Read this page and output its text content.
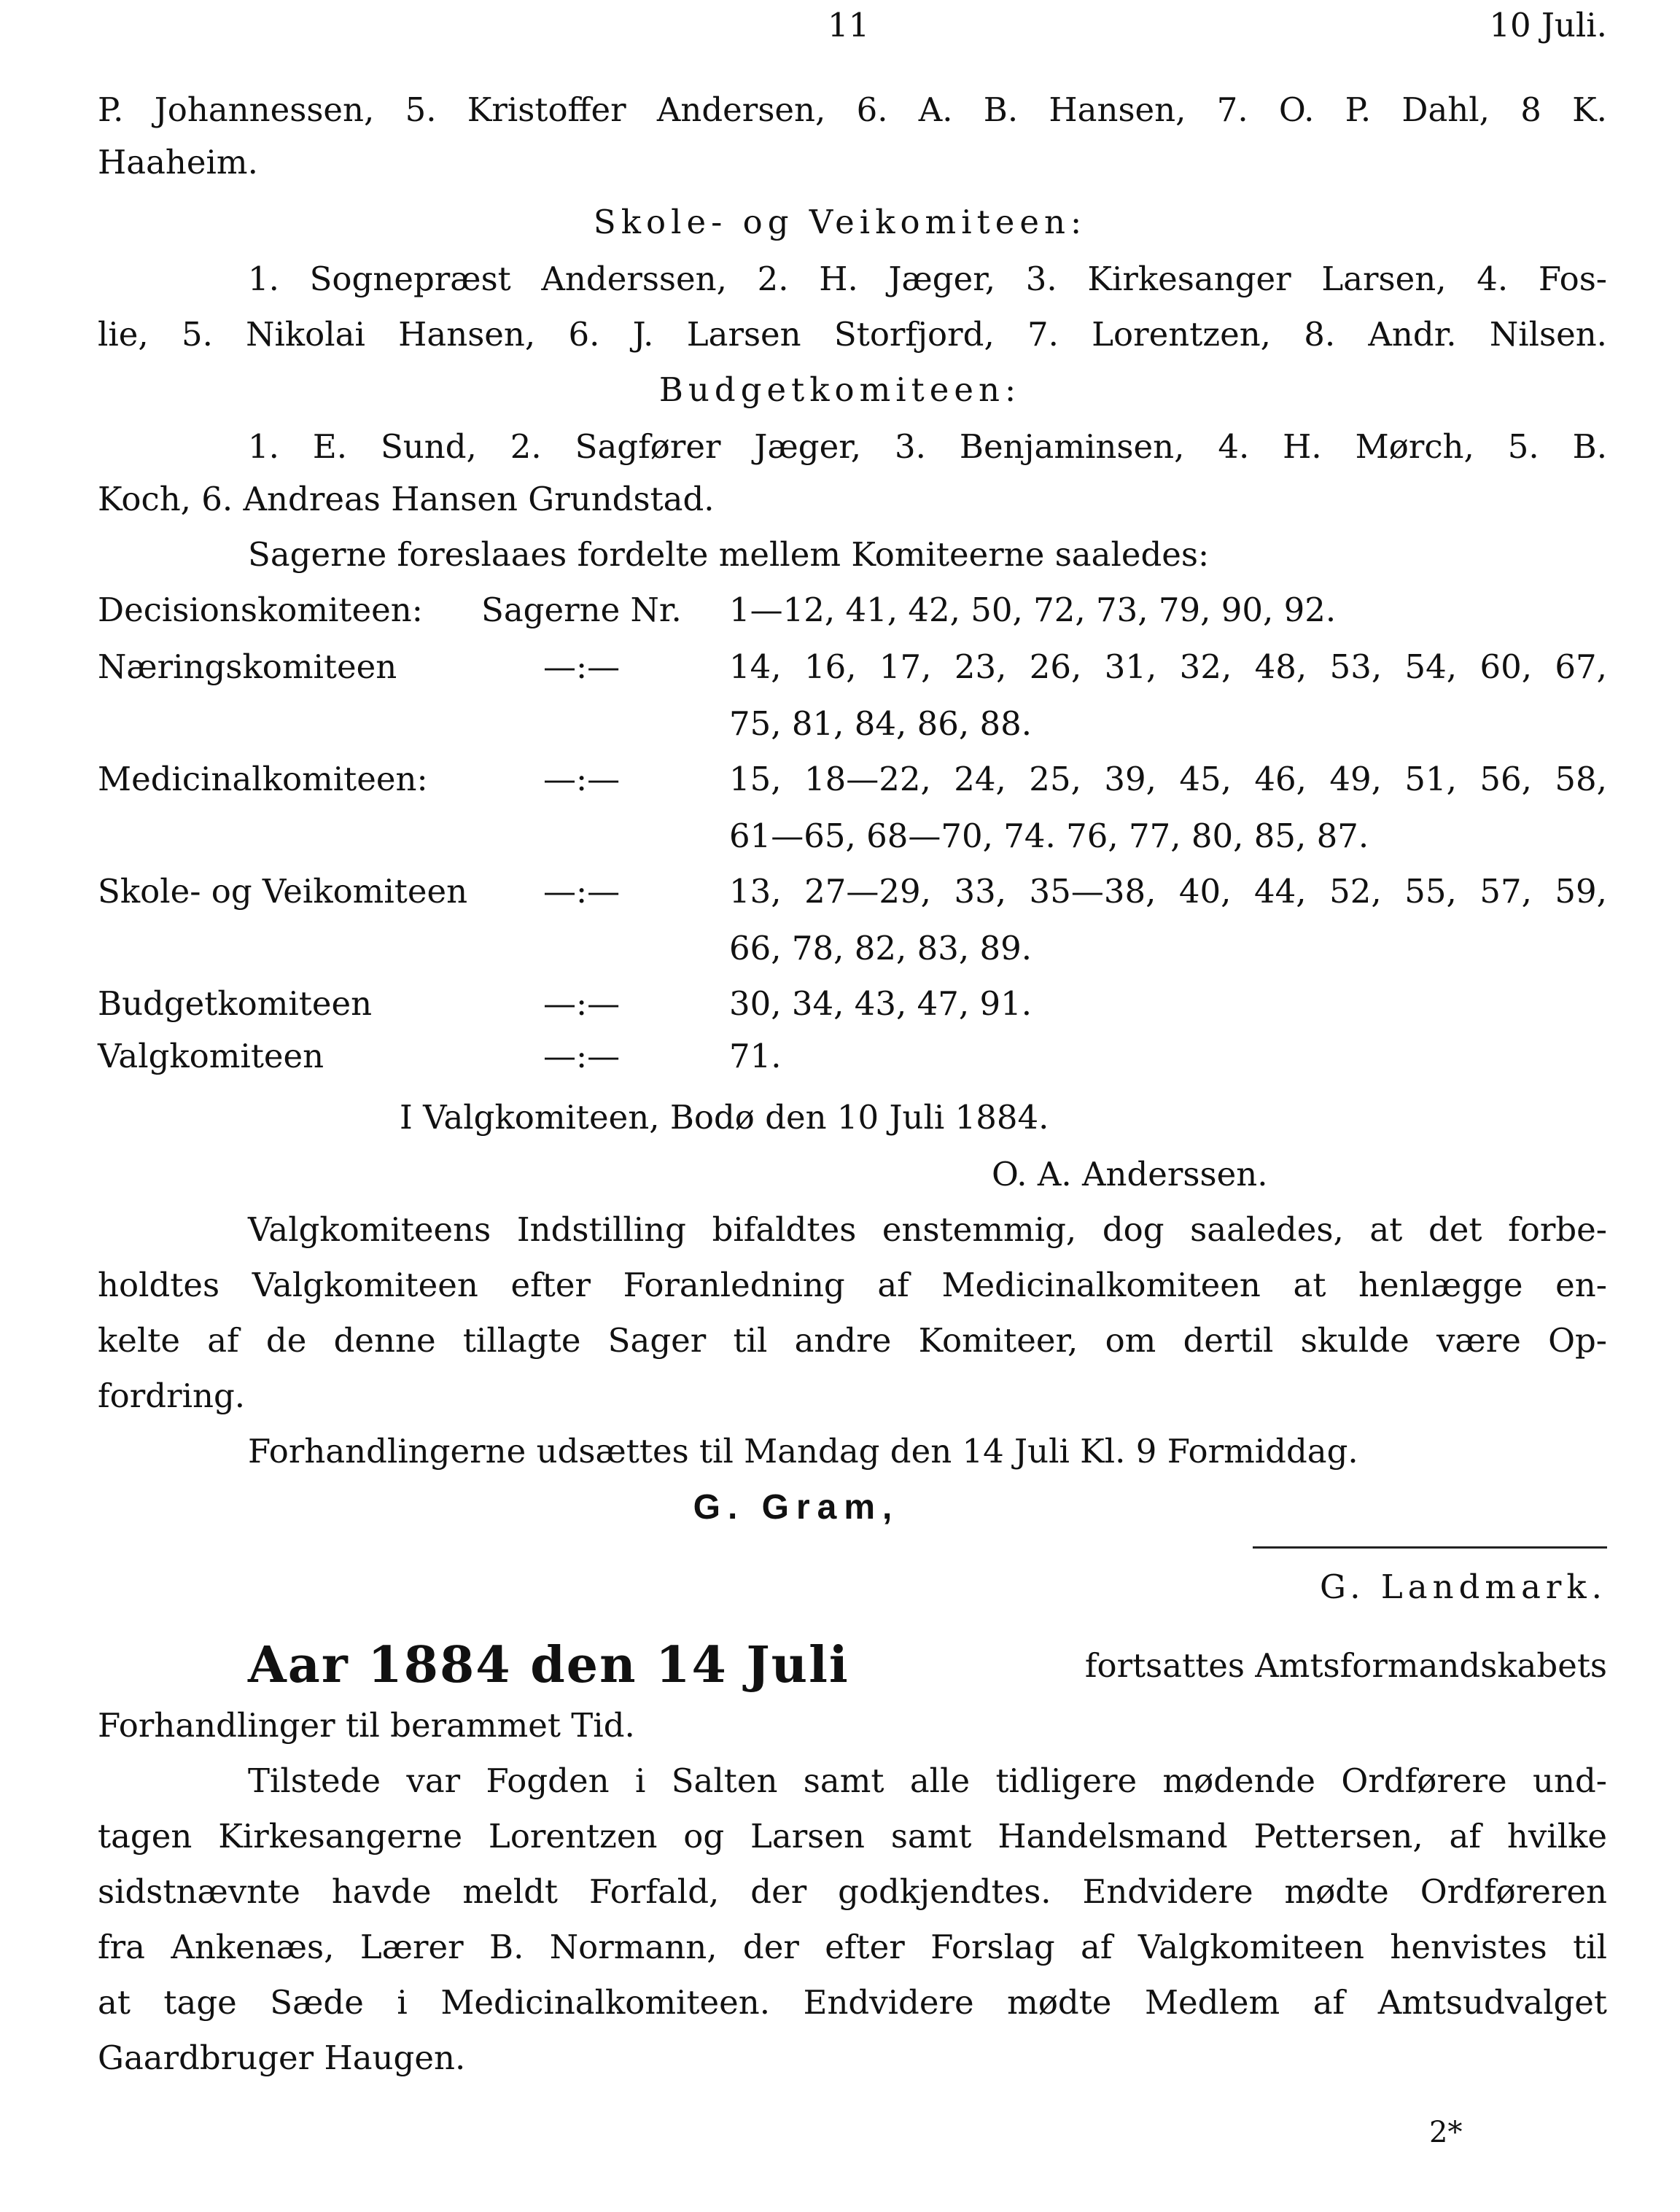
11	10 Juli.
P. Johannessen, 5. Kristoffer Andersen, 6. A. B. Hansen, 7. O. P. Dahl, 8 K.
Haaheim.
Skole- og Veikomiteen:
1. Sognepræst Anderssen, 2. H. Jæger, 3. Kirkesanger Larsen, 4. Fos-
lie, 5. Nikolai Hansen, 6. J. Larsen Storfjord, 7. Lorentzen, 8. Andr. Nilsen.
Budgetkomiteen:
1. E. Sund, 2. Sagfører Jæger, 3. Benjaminsen, 4. H. Mørch, 5. B.
Koch, 6. Andreas Hansen Grundstad.
Sagerne foreslaaes fordelte mellem Komiteerne saaledes:
Decisionskomiteen: Sagerne Nr. 1—12, 41, 42, 50, 72, 73, 79, 90, 92.
Næringskomiteen	—:—	14, 16, 17, 23, 26, 31, 32, 48, 53, 54, 60, 67,
75, 81, 84, 86, 88.
Medicinalkomiteen:	—:—	15, 18—22, 24, 25, 39, 45, 46, 49, 51, 56, 58,
61—65, 68—70, 74. 76, 77, 80, 85, 87.
Skole- og Veikomiteen —:—	13, 27—29, 33, 35—38, 40, 44, 52, 55, 57, 59,
66, 78, 82, 83, 89.
Budgetkomiteen	—:—	30, 34, 43, 47, 91.
Valgkomiteen	—:—	71.
I Valgkomiteen, Bodø den 10 Juli 1884.
O. A. Anderssen.
Valgkomiteens Indstilling bifaldtes enstemmig, dog saaledes, at det forbe-
holdtes Valgkomiteen efter Foranledning af Medicinalkomiteen at henlægge en-
kelte af de denne tillagte Sager til andre Komiteer, om dertil skulde være Op-
fordring.
Forhandlingerne udsættes til Mandag den 14 Juli Kl. 9 Formiddag.
G. Gram,
G. Landmark.
Aar 1884 den 14 Juli	fortsattes Amtsformandskabets
Forhandlinger til berammet Tid.
Tilstede var Fogden i Salten samt alle tidligere mødende Ordførere und-
tagen Kirkesangerne Lorentzen og Larsen samt Handelsmand Pettersen, af hvilke
sidstnævnte havde meldt Forfald, der godkjendtes. Endvidere mødte Ordføreren
fra Ankenæs, Lærer B. Normann, der efter Forslag af Valgkomiteen henvistes til
at tage Sæde i Medicinalkomiteen. Endvidere mødte Medlem af Amtsudvalget
Gaardbruger Haugen.
2*
